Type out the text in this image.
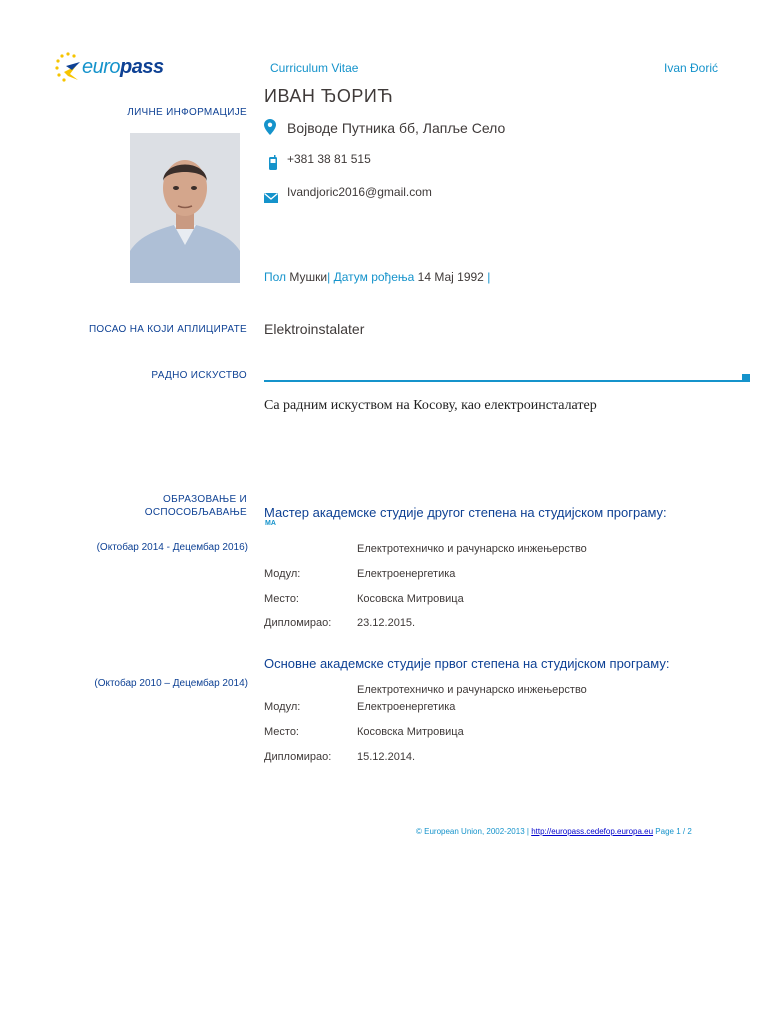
europass	Curriculum Vitae	Ivan Đorić
ЛИЧНЕ ИНФОРМАЦИЈЕ
ИВАН ЂОРИЋ
Војводе Путника бб, Лапље Село
+381 38 81 515
Ivandjoric2016@gmail.com
Пол Мушки| Датум рођења 14 Мај 1992 |
ПОСАО НА КОЈИ АПЛИЦИРАТЕ Elektroinstalater
РАДНО ИСКУСТВО
Са радним искуством на Косову, као електроинсталатер
ОБРАЗОВАЊЕ И
ОСПОСОБЉАВАЊЕ
(Октобар 2014 - Децембар 2016)
Мастер академске студије другог степена на студијском програму:
MA
Електротехничко и рачунарско инжењерство
Модул:	Електроенергетика
Место:	Косовска Митровица
Дипломирао: 23.12.2015.
Основне академске студије првог степена на студијском програму:
(Октобар 2010 – Децембар 2014)
Електротехничко и рачунарско инжењерство
Модул:	Електроенергетика
Место:	Косовска Митровица
Дипломирао: 15.12.2014.
© European Union, 2002-2013 | http://europass.cedefop.europa.eu Page 1 / 2
